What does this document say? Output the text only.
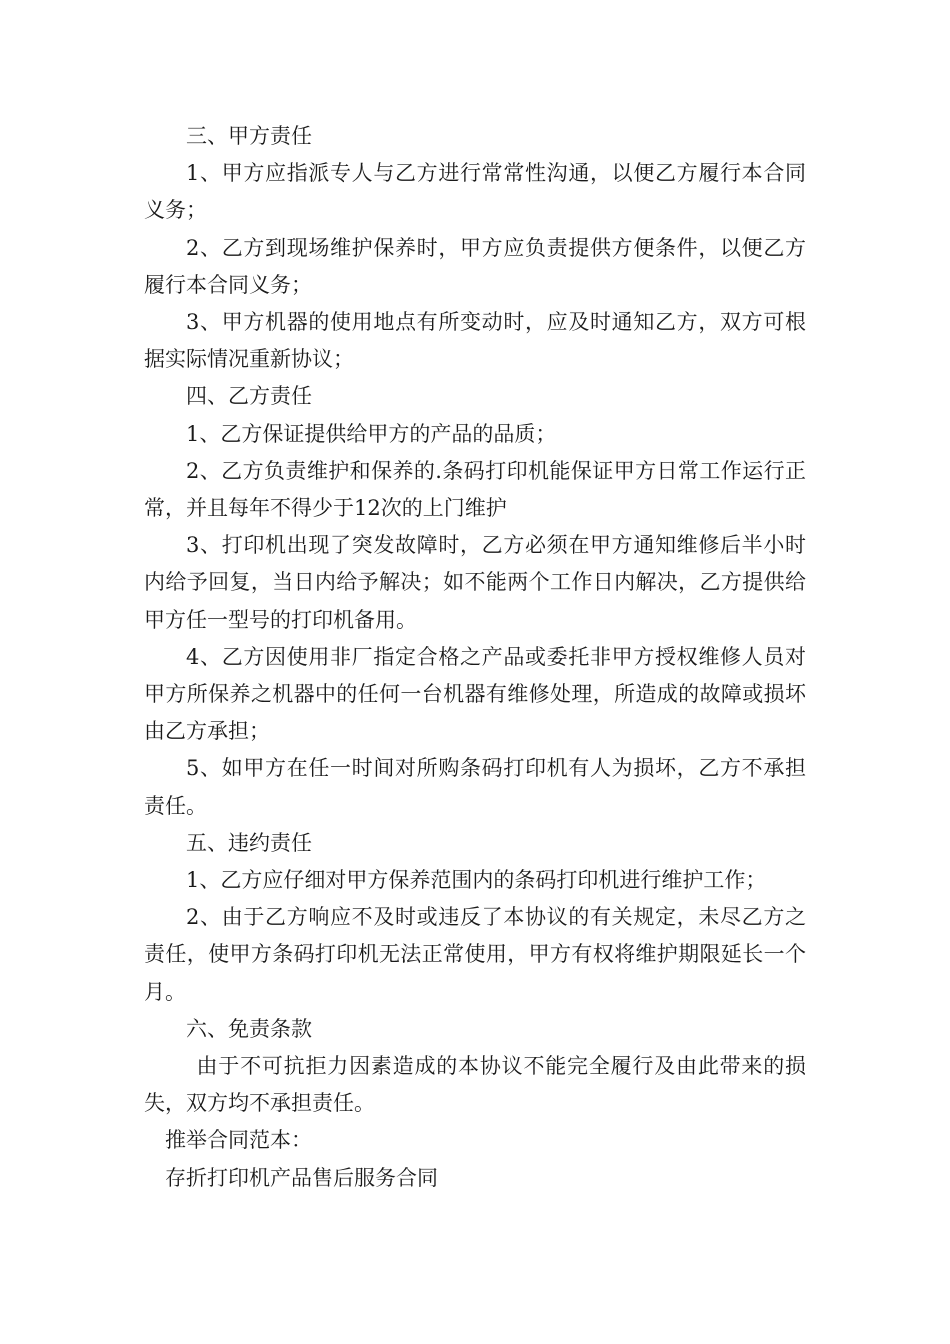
三、甲方责任

1、甲方应指派专人与乙方进行常常性沟通，以便乙方履行本合同义务；

2、乙方到现场维护保养时，甲方应负责提供方便条件，以便乙方履行本合同义务；

3、甲方机器的使用地点有所变动时，应及时通知乙方，双方可根据实际情况重新协议；

四、乙方责任

1、乙方保证提供给甲方的产品的品质；

2、乙方负责维护和保养的.条码打印机能保证甲方日常工作运行正常，并且每年不得少于12次的上门维护

3、打印机出现了突发故障时，乙方必须在甲方通知维修后半小时内给予回复，当日内给予解决；如不能两个工作日内解决，乙方提供给甲方任一型号的打印机备用。

4、乙方因使用非厂指定合格之产品或委托非甲方授权维修人员对甲方所保养之机器中的任何一台机器有维修处理，所造成的故障或损坏由乙方承担；

5、如甲方在任一时间对所购条码打印机有人为损坏，乙方不承担责任。

五、违约责任

1、乙方应仔细对甲方保养范围内的条码打印机进行维护工作；

2、由于乙方响应不及时或违反了本协议的有关规定，未尽乙方之责任，使甲方条码打印机无法正常使用，甲方有权将维护期限延长一个月。

六、免责条款

由于不可抗拒力因素造成的本协议不能完全履行及由此带来的损失，双方均不承担责任。

推举合同范本：

存折打印机产品售后服务合同
